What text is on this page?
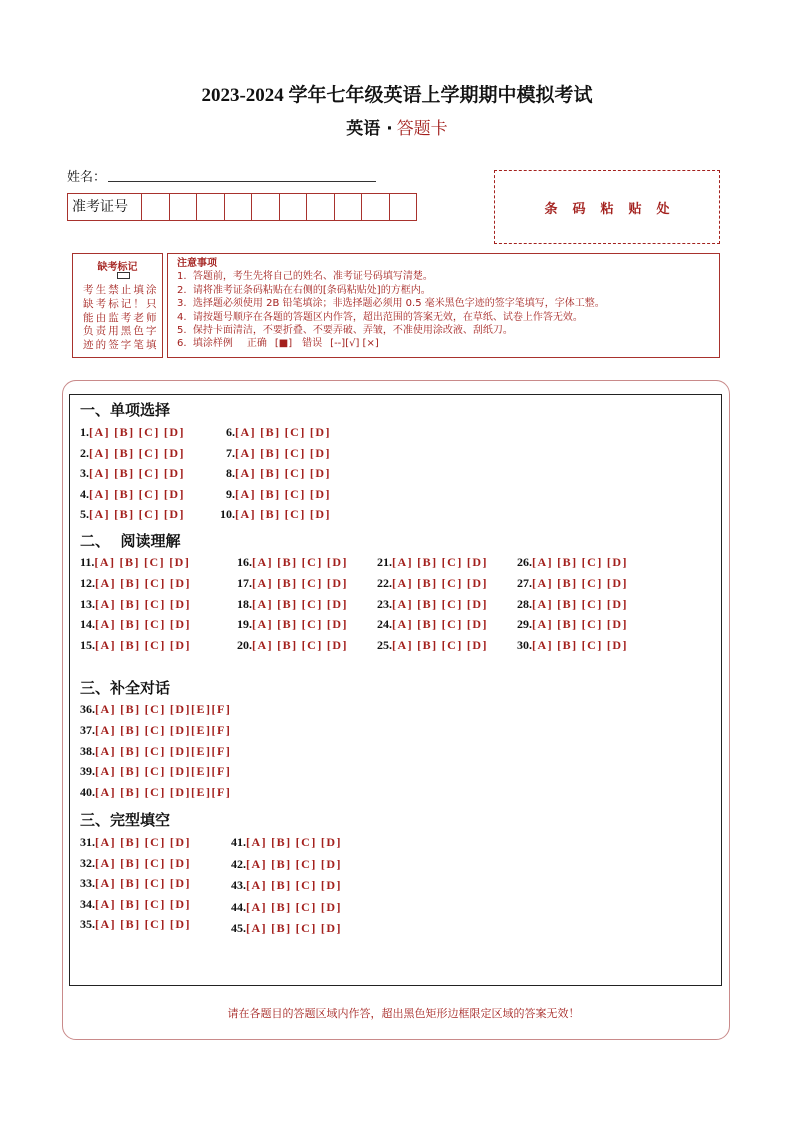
2023-2024 学年七年级英语上学期期中模拟考试
英语 · 答题卡
姓名：
准考证号	条码粘贴处
缺考标记
考生禁止填涂缺考标记！只能由监考老师负责用黑色字迹的签字笔填
注意事项
1.  答题前，考生先将自己的姓名、准考证号码填写清楚。
2.  请将准考证条码粘贴在右侧的[条码粘贴处]的方框内。
3.  选择题必须使用 2B 铅笔填涂；非选择题必须用 0.5 毫米黑色字迹的签字笔填写，字体工整。
4.  请按题号顺序在各题的答题区内作答，超出范围的答案无效，在草纸、试卷上作答无效。
5.  保持卡面清洁，不要折叠、不要弄破、弄皱，不准使用涂改液、刮纸刀。
6.  填涂样例 正确 [■] 错误 [--][√] [×]
一、单项选择
1.[A] [B] [C] [D]
2.[A] [B] [C] [D]
3.[A] [B] [C] [D]
4.[A] [B] [C] [D]
5.[A] [B] [C] [D]
6.[A] [B] [C] [D]
7.[A] [B] [C] [D]
8.[A] [B] [C] [D]
9.[A] [B] [C] [D]
10.[A] [B] [C] [D]
二、  阅读理解
11.[A] [B] [C] [D]
12.[A] [B] [C] [D]
13.[A] [B] [C] [D]
14.[A] [B] [C] [D]
15.[A] [B] [C] [D]
16.[A] [B] [C] [D]
17.[A] [B] [C] [D]
18.[A] [B] [C] [D]
19.[A] [B] [C] [D]
20.[A] [B] [C] [D]
21.[A] [B] [C] [D]
22.[A] [B] [C] [D]
23.[A] [B] [C] [D]
24.[A] [B] [C] [D]
25.[A] [B] [C] [D]
26.[A] [B] [C] [D]
27.[A] [B] [C] [D]
28.[A] [B] [C] [D]
29.[A] [B] [C] [D]
30.[A] [B] [C] [D]
三、补全对话
36.[A] [B] [C] [D][E][F]
37.[A] [B] [C] [D][E][F]
38.[A] [B] [C] [D][E][F]
39.[A] [B] [C] [D][E][F]
40.[A] [B] [C] [D][E][F]
三、完型填空
31.[A] [B] [C] [D]
32.[A] [B] [C] [D]
33.[A] [B] [C] [D]
34.[A] [B] [C] [D]
35.[A] [B] [C] [D]
41.[A] [B] [C] [D]
42.[A] [B] [C] [D]
43.[A] [B] [C] [D]
44.[A] [B] [C] [D]
45.[A] [B] [C] [D]
请在各题目的答题区域内作答，超出黑色矩形边框限定区域的答案无效！
